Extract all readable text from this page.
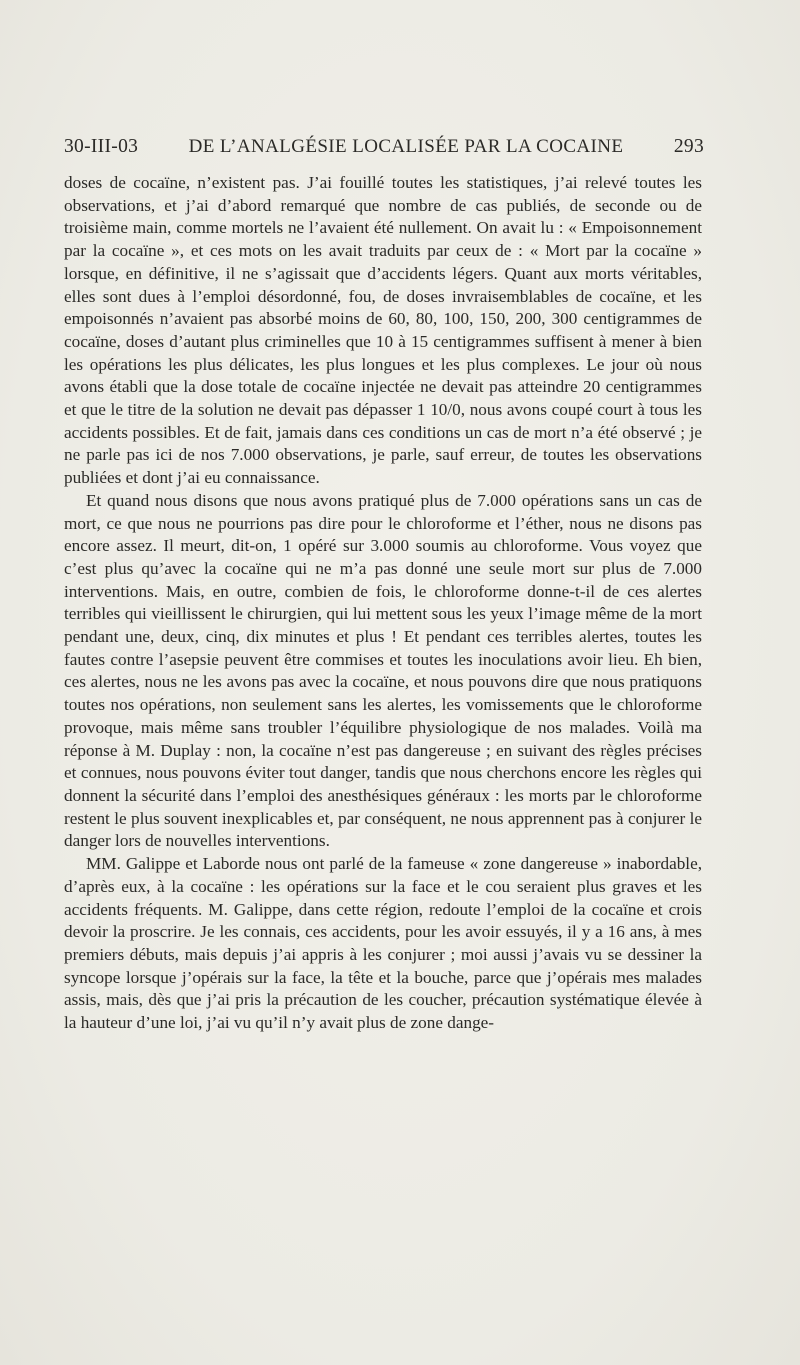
30-III-03	DE L’ANALGÉSIE LOCALISÉE PAR LA COCAINE	293

doses de cocaïne, n’existent pas. J’ai fouillé toutes les statistiques, j’ai relevé toutes les observations, et j’ai d’abord remarqué que nombre de cas publiés, de seconde ou de troisième main, comme mortels ne l’avaient été nullement. On avait lu : « Empoisonnement par la cocaïne », et ces mots on les avait traduits par ceux de : « Mort par la cocaïne » lorsque, en définitive, il ne s’agissait que d’accidents légers. Quant aux morts véritables, elles sont dues à l’emploi désordonné, fou, de doses invraisemblables de cocaïne, et les empoisonnés n’avaient pas absorbé moins de 60, 80, 100, 150, 200, 300 centigrammes de cocaïne, doses d’autant plus criminelles que 10 à 15 centigrammes suffisent à mener à bien les opérations les plus délicates, les plus longues et les plus complexes. Le jour où nous avons établi que la dose totale de cocaïne injectée ne devait pas atteindre 20 centigrammes et que le titre de la solution ne devait pas dépasser 1 10/0, nous avons coupé court à tous les accidents possibles. Et de fait, jamais dans ces conditions un cas de mort n’a été observé ; je ne parle pas ici de nos 7.000 observations, je parle, sauf erreur, de toutes les observations publiées et dont j’ai eu connaissance.

Et quand nous disons que nous avons pratiqué plus de 7.000 opérations sans un cas de mort, ce que nous ne pourrions pas dire pour le chloroforme et l’éther, nous ne disons pas encore assez. Il meurt, dit-on, 1 opéré sur 3.000 soumis au chloroforme. Vous voyez que c’est plus qu’avec la cocaïne qui ne m’a pas donné une seule mort sur plus de 7.000 interventions. Mais, en outre, combien de fois, le chloroforme donne-t-il de ces alertes terribles qui vieillissent le chirurgien, qui lui mettent sous les yeux l’image même de la mort pendant une, deux, cinq, dix minutes et plus ! Et pendant ces terribles alertes, toutes les fautes contre l’asepsie peuvent être commises et toutes les inoculations avoir lieu. Eh bien, ces alertes, nous ne les avons pas avec la cocaïne, et nous pouvons dire que nous pratiquons toutes nos opérations, non seulement sans les alertes, les vomissements que le chloroforme provoque, mais même sans troubler l’équilibre physiologique de nos malades. Voilà ma réponse à M. Duplay : non, la cocaïne n’est pas dangereuse ; en suivant des règles précises et connues, nous pouvons éviter tout danger, tandis que nous cherchons encore les règles qui donnent la sécurité dans l’emploi des anesthésiques généraux : les morts par le chloroforme restent le plus souvent inexplicables et, par conséquent, ne nous apprennent pas à conjurer le danger lors de nouvelles interventions.

MM. Galippe et Laborde nous ont parlé de la fameuse « zone dangereuse » inabordable, d’après eux, à la cocaïne : les opérations sur la face et le cou seraient plus graves et les accidents fréquents. M. Galippe, dans cette région, redoute l’emploi de la cocaïne et crois devoir la proscrire. Je les connais, ces accidents, pour les avoir essuyés, il y a 16 ans, à mes premiers débuts, mais depuis j’ai appris à les conjurer ; moi aussi j’avais vu se dessiner la syncope lorsque j’opérais sur la face, la tête et la bouche, parce que j’opérais mes malades assis, mais, dès que j’ai pris la précaution de les coucher, précaution systématique élevée à la hauteur d’une loi, j’ai vu qu’il n’y avait plus de zone dange-
